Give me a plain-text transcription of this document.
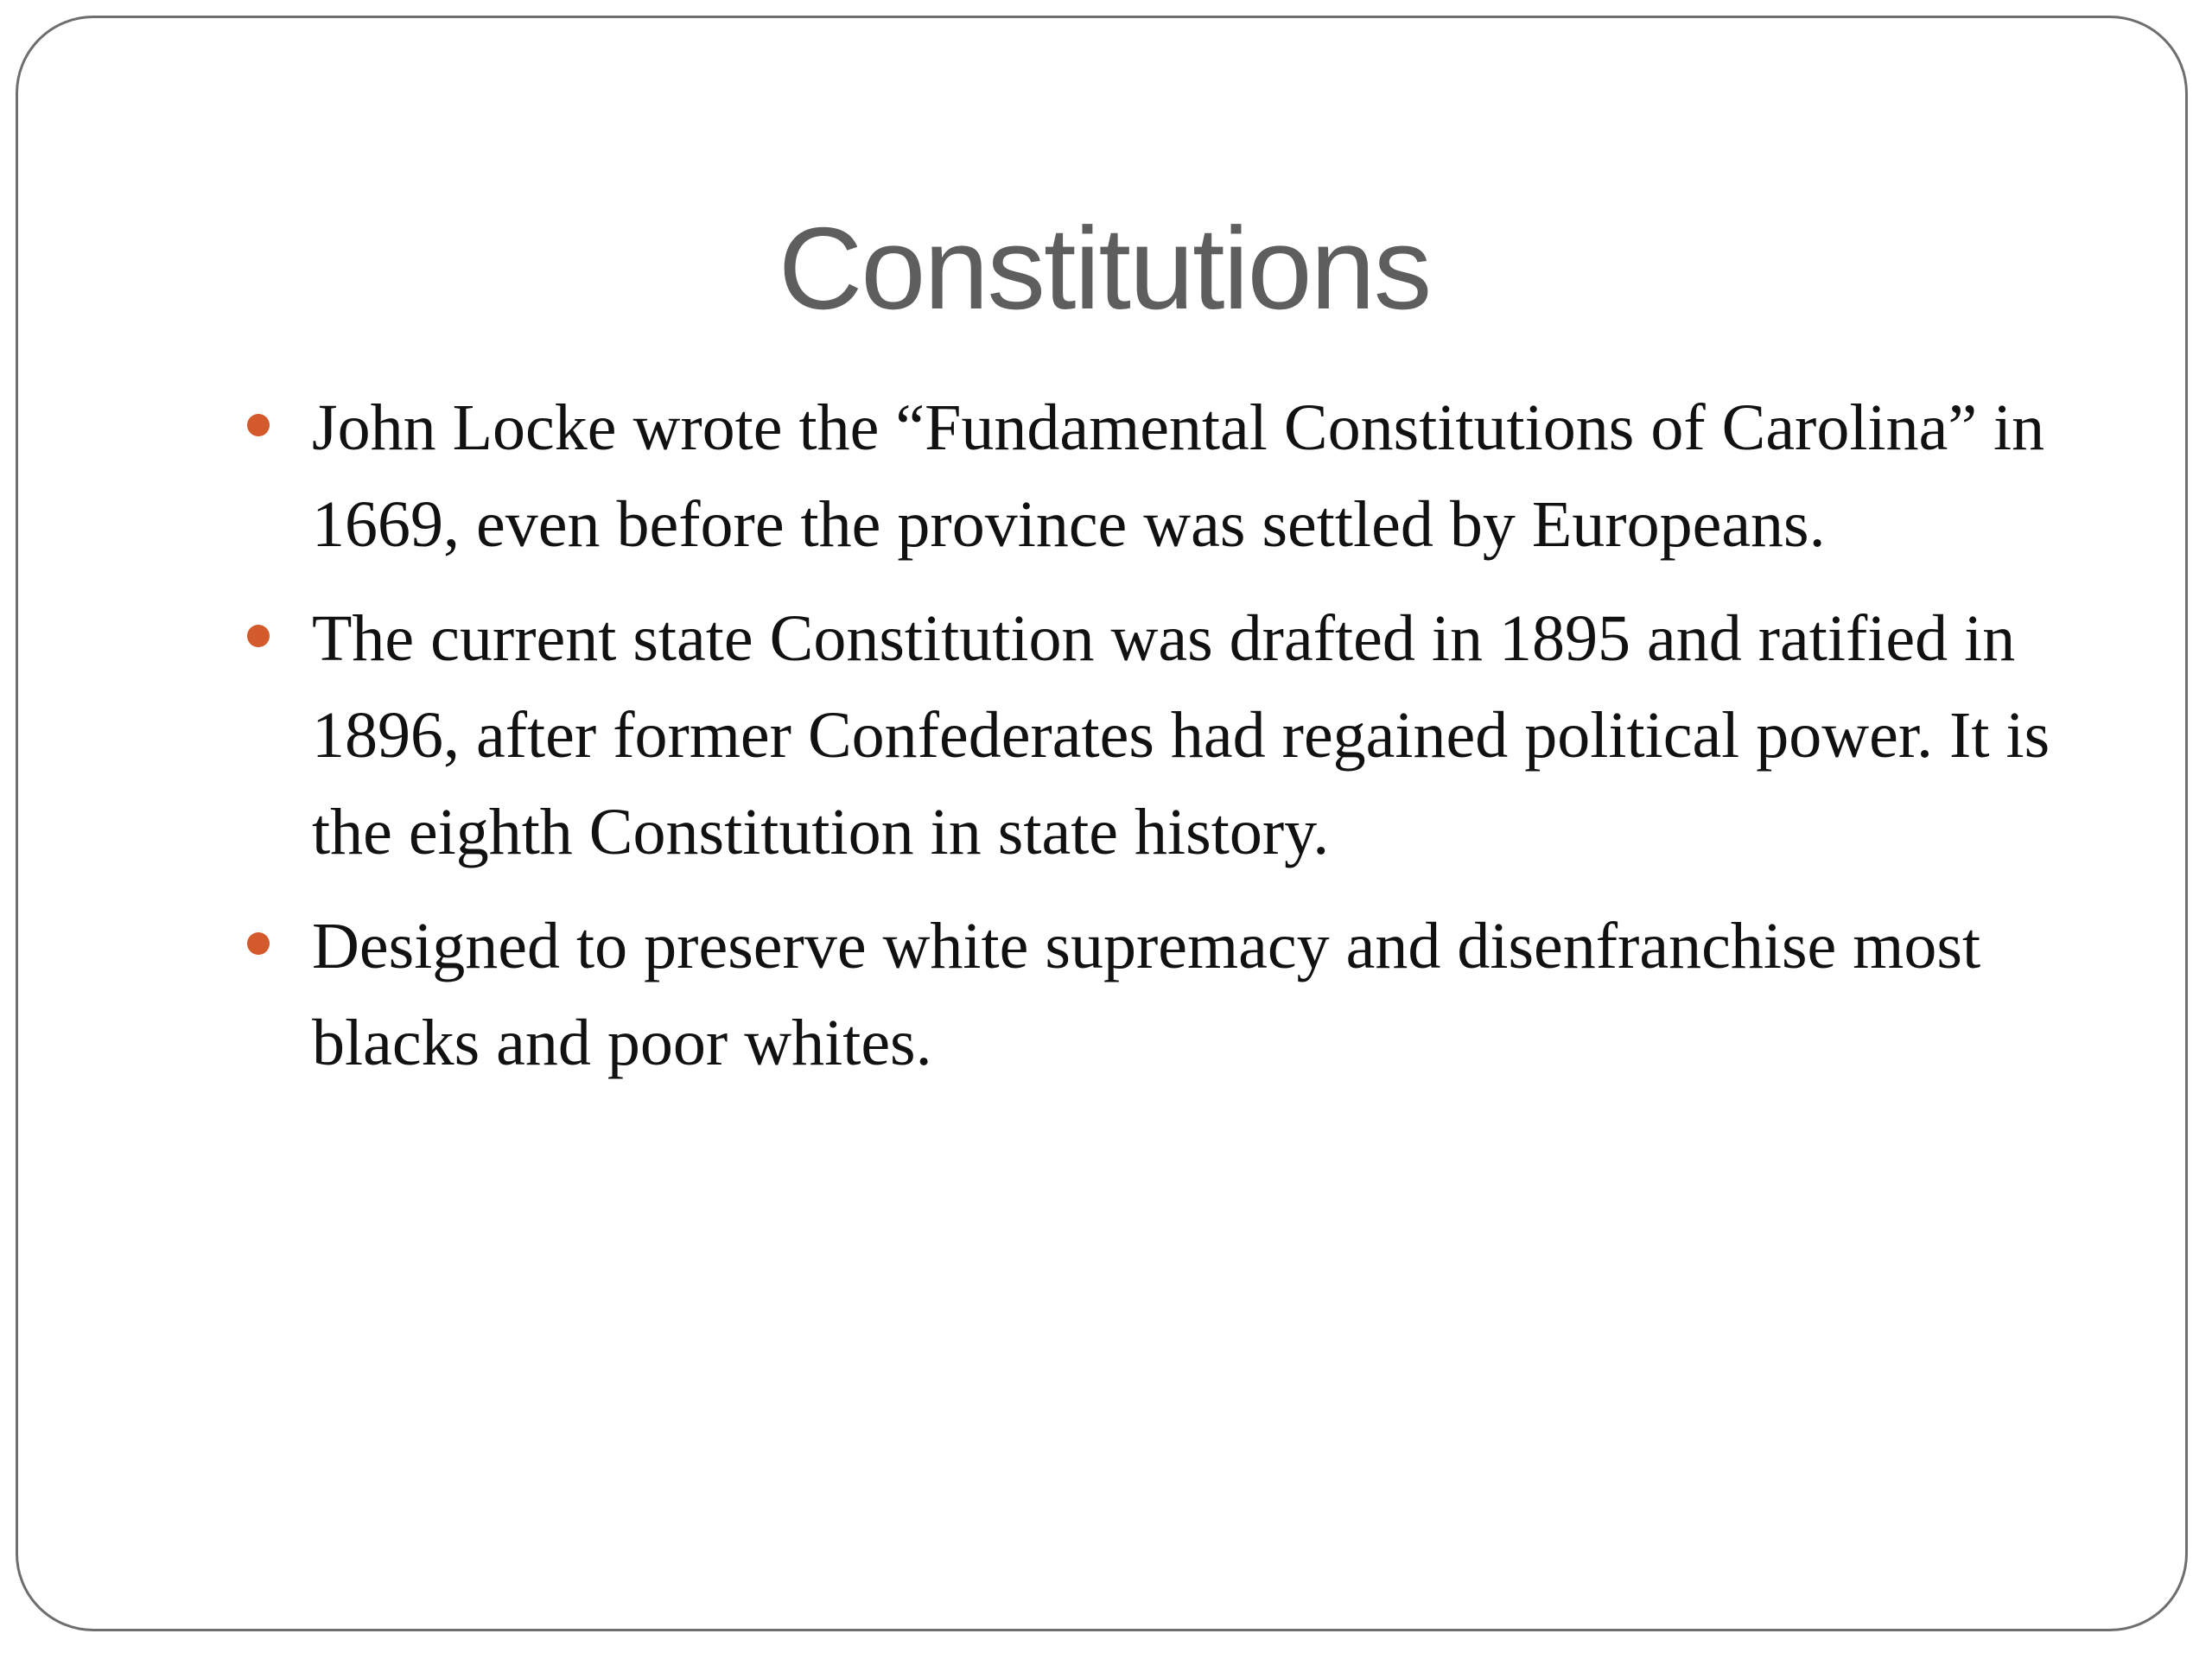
Constitutions
John Locke wrote the “Fundamental Constitutions of Carolina” in 1669, even before the province was settled by Europeans.
The current state Constitution was drafted in 1895 and ratified in 1896, after former Confederates had regained political power. It is the eighth Constitution in state history.
Designed to preserve white supremacy and disenfranchise most blacks and poor whites.
